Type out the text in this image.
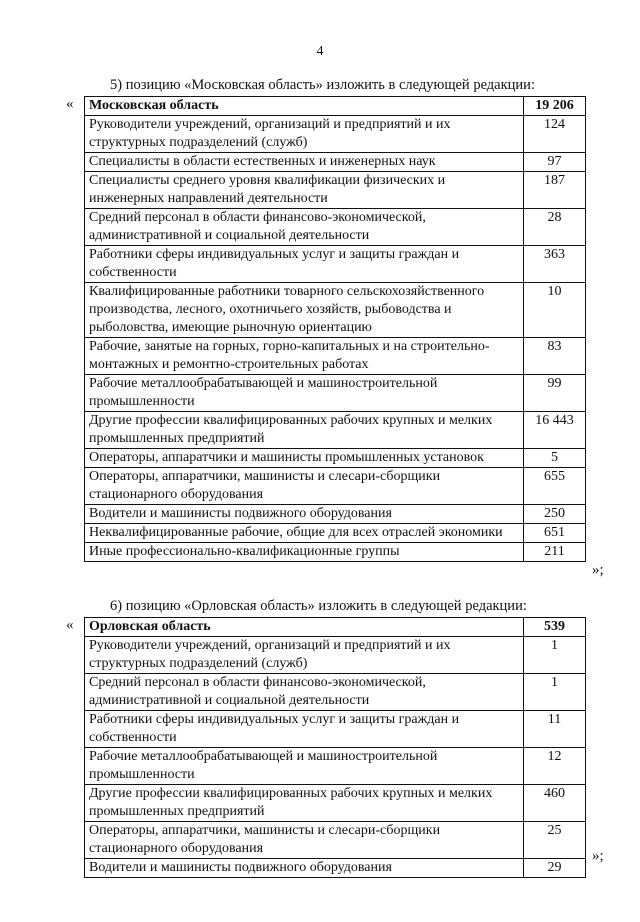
4
5) позицию «Московская область» изложить в следующей редакции:
« Московская область	19 206
Руководители учреждений, организаций и предприятий и их структурных подразделений (служб)	124
Специалисты в области естественных и инженерных наук	97
Специалисты среднего уровня квалификации физических и инженерных направлений деятельности	187
Средний персонал в области финансово-экономической, административной и социальной деятельности	28
Работники сферы индивидуальных услуг и защиты граждан и собственности	363
Квалифицированные работники товарного сельскохозяйственного производства, лесного, охотничьего хозяйств, рыбоводства и рыболовства, имеющие рыночную ориентацию	10
Рабочие, занятые на горных, горно-капитальных и на строительно-монтажных и ремонтно-строительных работах	83
Рабочие металлообрабатывающей и машиностроительной промышленности	99
Другие профессии квалифицированных рабочих крупных и мелких промышленных предприятий	16 443
Операторы, аппаратчики и машинисты промышленных установок	5
Операторы, аппаратчики, машинисты и слесари-сборщики стационарного оборудования	655
Водители и машинисты подвижного оборудования	250
Неквалифицированные рабочие, общие для всех отраслей экономики	651
Иные профессионально-квалификационные группы	211
»;
6) позицию «Орловская область» изложить в следующей редакции:
« Орловская область	539
Руководители учреждений, организаций и предприятий и их структурных подразделений (служб)	1
Средний персонал в области финансово-экономической, административной и социальной деятельности	1
Работники сферы индивидуальных услуг и защиты граждан и собственности	11
Рабочие металлообрабатывающей и машиностроительной промышленности	12
Другие профессии квалифицированных рабочих крупных и мелких промышленных предприятий	460
Операторы, аппаратчики, машинисты и слесари-сборщики стационарного оборудования	25
Водители и машинисты подвижного оборудования	29
»;
